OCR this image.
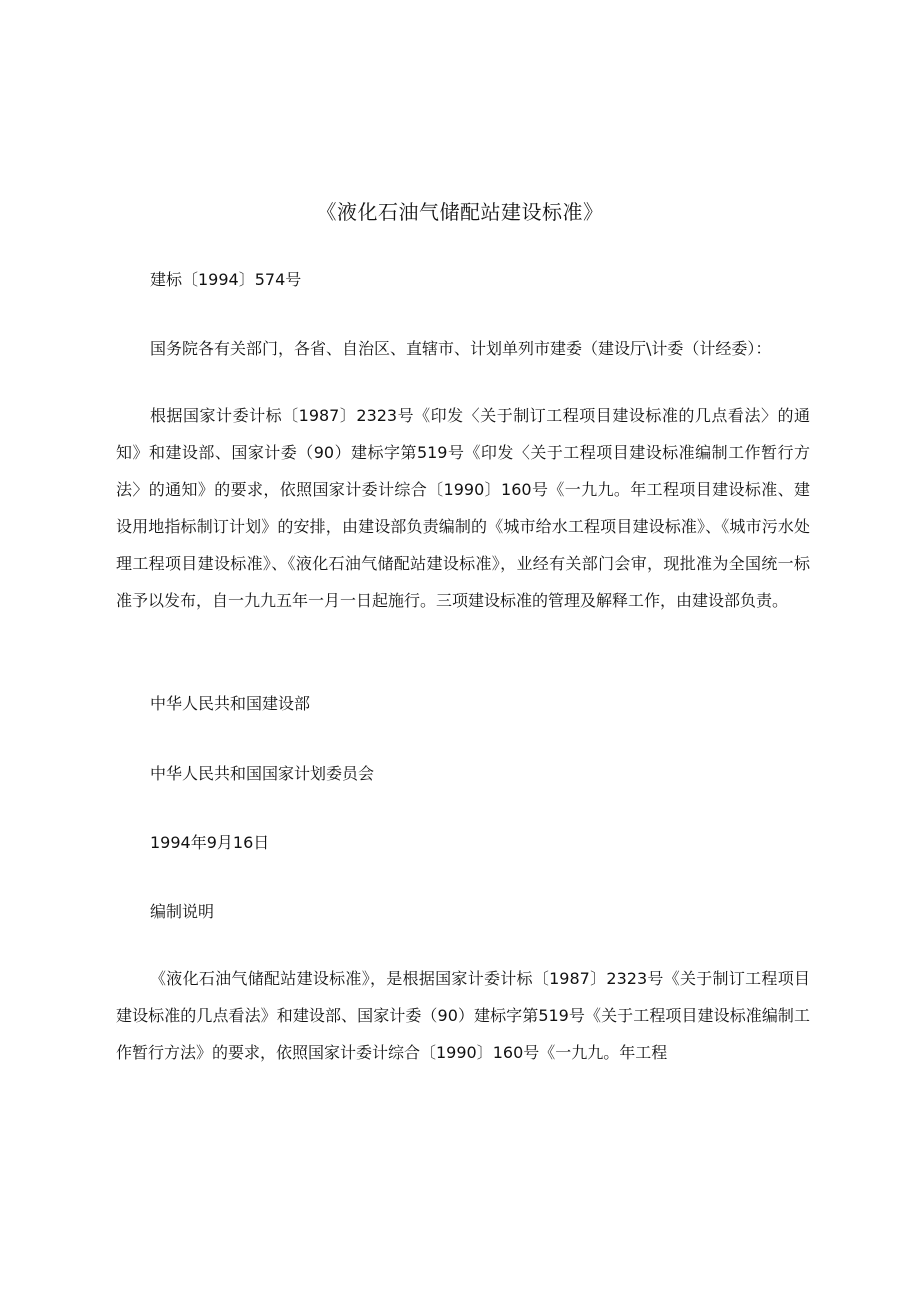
《液化石油气储配站建设标准》
建标〔1994〕574号
国务院各有关部门，各省、自治区、直辖市、计划单列市建委（建设厅\计委（计经委）：

根据国家计委计标〔1987〕2323号《印发〈关于制订工程项目建设标准的几点看法〉的通知》和建设部、国家计委（90）建标字第519号《印发〈关于工程项目建设标准编制工作暂行方法〉的通知》的要求，依照国家计委计综合〔1990〕160号《一九九。年工程项目建设标准、建设用地指标制订计划》的安排，由建设部负责编制的《城市给水工程项目建设标准》、《城市污水处理工程项目建设标准》、《液化石油气储配站建设标准》，业经有关部门会审，现批准为全国统一标准予以发布，自一九九五年一月一日起施行。三项建设标准的管理及解释工作，由建设部负责。

中华人民共和国建设部
中华人民共和国国家计划委员会
1994年9月16日
编制说明

《液化石油气储配站建设标准》，是根据国家计委计标〔1987〕2323号《关于制订工程项目建设标准的几点看法》和建设部、国家计委（90）建标字第519号《关于工程项目建设标准编制工作暂行方法》的要求，依照国家计委计综合〔1990〕160号《一九九。年工程
